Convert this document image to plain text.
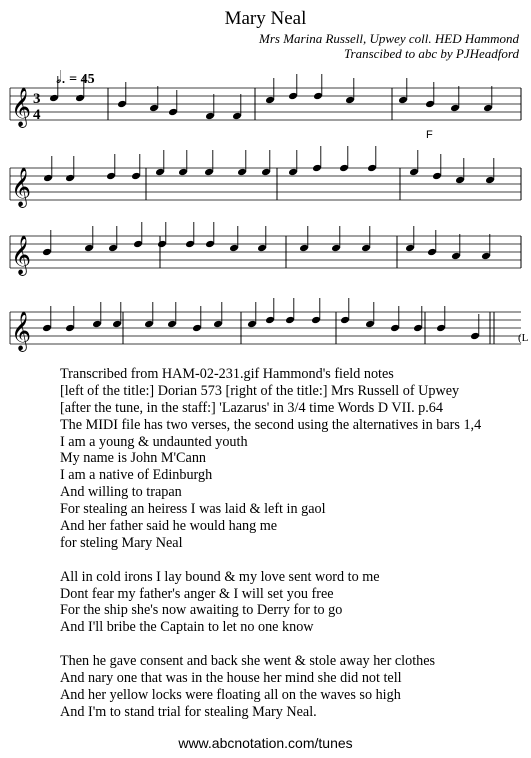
Mary Neal
Mrs Marina Russell, Upwey coll. HED Hammond
Transcibed to abc by PJHeadford
𝅗𝅥. = 45
𝄞
𝄞
𝄞
𝄞
3
4
F
(L
Transcribed from HAM-02-231.gif Hammond's field notes
[left of the title:] Dorian 573 [right of the title:] Mrs Russell of Upwey
[after the tune, in the staff:] 'Lazarus' in 3/4 time Words D VII. p.64
The MIDI file has two verses, the second using the alternatives in bars 1,4
I am a young & undaunted youth
My name is John M'Cann
I am a native of Edinburgh
And willing to trapan
For stealing an heiress I was laid & left in gaol
And her father said he would hang me
for steling Mary Neal
All in cold irons I lay bound & my love sent word to me
Dont fear my father's anger & I will set you free
For the ship she's now awaiting to Derry for to go
And I'll bribe the Captain to let no one know
Then he gave consent and back she went & stole away her clothes
And nary one that was in the house her mind she did not tell
And her yellow locks were floating all on the waves so high
And I'm to stand trial for stealing Mary Neal.
www.abcnotation.com/tunes
